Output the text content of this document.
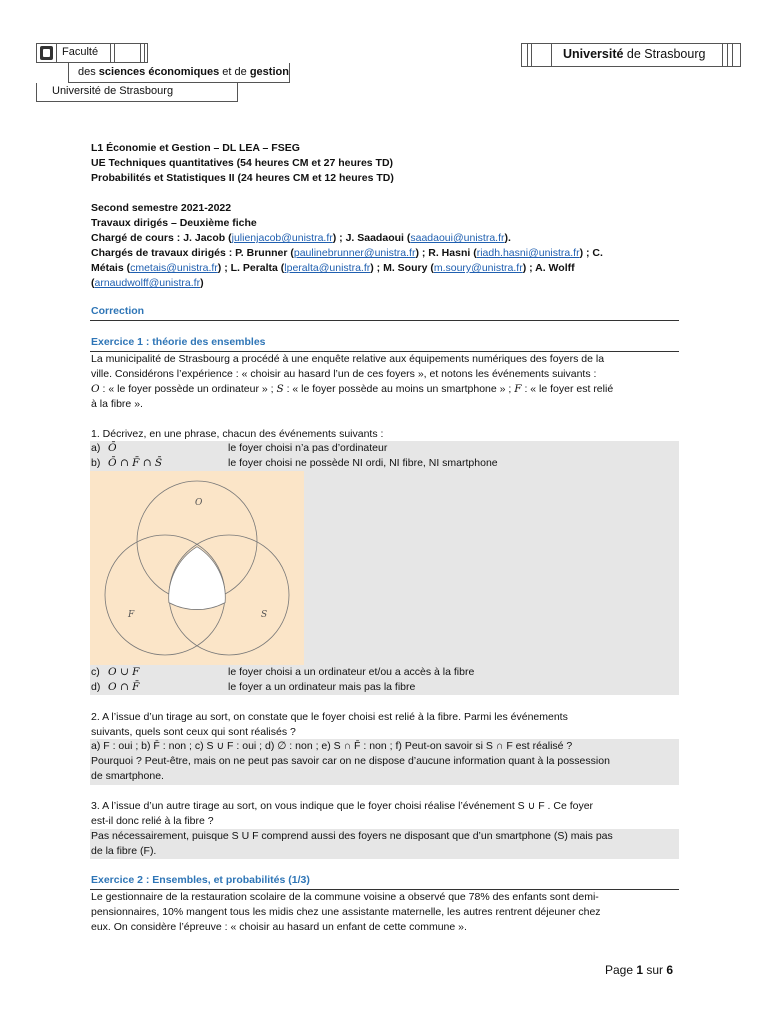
Faculté
des sciences économiques et de gestion
Université de Strasbourg
Université de Strasbourg

L1 Économie et Gestion – DL LEA – FSEG

UE Techniques quantitatives (54 heures CM et 27 heures TD)

Probabilités et Statistiques II (24 heures CM et 12 heures TD)

Second semestre 2021-2022

Travaux dirigés – Deuxième fiche

Chargé de cours : J. Jacob (julienjacob@unistra.fr) ; J. Saadaoui (saadaoui@unistra.fr).

Chargés de travaux dirigés : P. Brunner (paulinebrunner@unistra.fr) ; R. Hasni (riadh.hasni@unistra.fr) ; C.

Métais (cmetais@unistra.fr) ; L. Peralta (lperalta@unistra.fr) ; M. Soury (m.soury@unistra.fr) ; A. Wolff

(arnaudwolff@unistra.fr)

Correction
Exercice 1 : théorie des ensembles

La municipalité de Strasbourg a procédé à une enquête relative aux équipements numériques des foyers de la

ville. Considérons l’expérience : « choisir au hasard l’un de ces foyers », et notons les événements suivants :

O : « le foyer possède un ordinateur » ; S : « le foyer possède au moins un smartphone » ; F : « le foyer est relié

à la fibre ».

1. Décrivez, en une phrase, chacun des événements suivants :

a) Ō	le foyer choisi n’a pas d’ordinateur
b) Ō ∩ F̄ ∩ S̄	le foyer choisi ne possède NI ordi, NI fibre, NI smartphone
O
F	S
c) O ∪ F	le foyer choisi a un ordinateur et/ou a accès à la fibre
d) O ∩ F̄	le foyer a un ordinateur mais pas la fibre

2. A l’issue d’un tirage au sort, on constate que le foyer choisi est relié à la fibre. Parmi les événements

suivants, quels sont ceux qui sont réalisés ?

a) F : oui ; b) F̄ : non ; c) S ∪ F : oui ; d) ∅ : non ; e) S ∩ F̄ : non ; f) Peut-on savoir si S ∩ F est réalisé ?

Pourquoi ? Peut-être, mais on ne peut pas savoir car on ne dispose d’aucune information quant à la possession

de smartphone.

3. A l’issue d’un autre tirage au sort, on vous indique que le foyer choisi réalise l’événement S ∪ F . Ce foyer

est-il donc relié à la fibre ?

Pas nécessairement, puisque S U F comprend aussi des foyers ne disposant que d’un smartphone (S) mais pas

de la fibre (F).

Exercice 2 : Ensembles, et probabilités (1/3)

Le gestionnaire de la restauration scolaire de la commune voisine a observé que 78% des enfants sont demi-

pensionnaires, 10% mangent tous les midis chez une assistante maternelle, les autres rentrent déjeuner chez

eux. On considère l’épreuve : « choisir au hasard un enfant de cette commune ».

Page 1 sur 6
